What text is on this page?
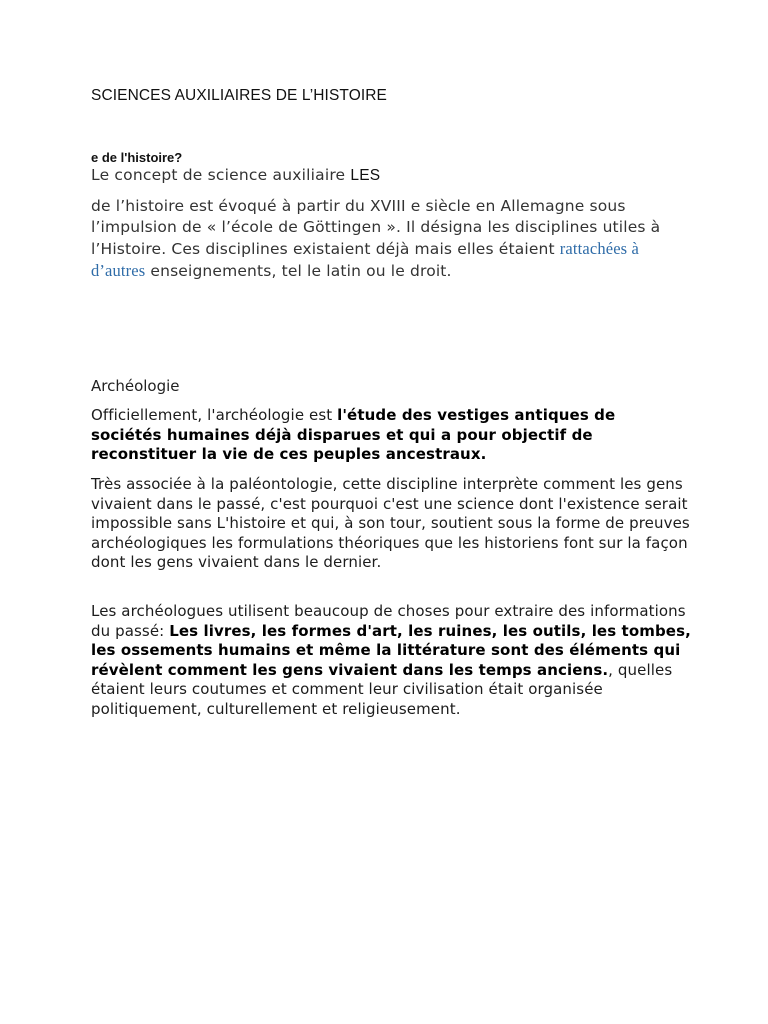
SCIENCES AUXILIAIRES DE L’HISTOIRE
e de l'histoire?
Le concept de science auxiliaire LES
de l’histoire est évoqué à partir du XVIII e siècle en Allemagne sous l’impulsion de « l’école de Göttingen ». Il désigna les disciplines utiles à l’Histoire. Ces disciplines existaient déjà mais elles étaient rattachées à d’autres enseignements, tel le latin ou le droit.
Archéologie
Officiellement, l'archéologie est l'étude des vestiges antiques de sociétés humaines déjà disparues et qui a pour objectif de reconstituer la vie de ces peuples ancestraux.
Très associée à la paléontologie, cette discipline interprète comment les gens vivaient dans le passé, c'est pourquoi c'est une science dont l'existence serait impossible sans L'histoire et qui, à son tour, soutient sous la forme de preuves archéologiques les formulations théoriques que les historiens font sur la façon dont les gens vivaient dans le dernier.
Les archéologues utilisent beaucoup de choses pour extraire des informations du passé: Les livres, les formes d'art, les ruines, les outils, les tombes, les ossements humains et même la littérature sont des éléments qui révèlent comment les gens vivaient dans les temps anciens., quelles étaient leurs coutumes et comment leur civilisation était organisée politiquement, culturellement et religieusement.
